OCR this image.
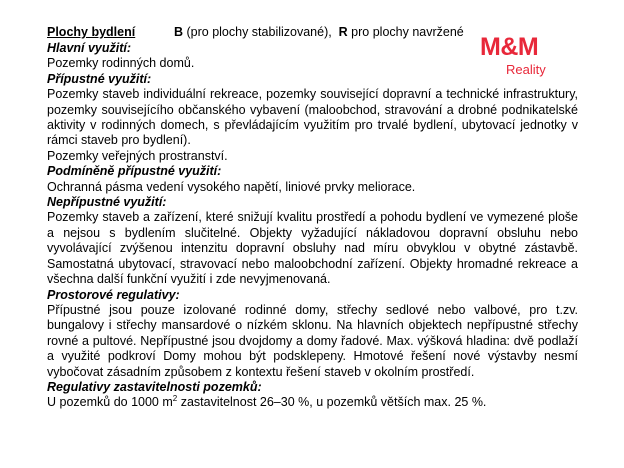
M&M
Reality
Plochy bydlení	B (pro plochy stabilizované), R pro plochy navržené
Hlavní využití:

Pozemky rodinných domů.

Přípustné využití:

Pozemky staveb individuální rekreace, pozemky související dopravní a technické infrastruktury, pozemky souvisejícího občanského vybavení (maloobchod, stravování a drobné podnikatelské aktivity v rodinných domech, s převládajícím využitím pro trvalé bydlení, ubytovací jednotky v rámci staveb pro bydlení).

Pozemky veřejných prostranství.

Podmíněně přípustné využití:

Ochranná pásma vedení vysokého napětí, liniové prvky meliorace.

Nepřípustné využití:

Pozemky staveb a zařízení, které snižují kvalitu prostředí a pohodu bydlení ve vymezené ploše a nejsou s bydlením slučitelné. Objekty vyžadující nákladovou dopravní obsluhu nebo vyvolávající zvýšenou intenzitu dopravní obsluhy nad míru obvyklou v obytné zástavbě. Samostatná ubytovací, stravovací nebo maloobchodní zařízení. Objekty hromadné rekreace a všechna další funkční využití i zde nevyjmenovaná.

Prostorové regulativy:

Přípustné jsou pouze izolované rodinné domy, střechy sedlové nebo valbové, pro t.zv. bungalovy i střechy mansardové o nízkém sklonu. Na hlavních objektech nepřípustné střechy rovné a pultové. Nepřípustné jsou dvojdomy a domy řadové. Max. výšková hladina: dvě podlaží a využité podkroví Domy mohou být podsklepeny. Hmotové řešení nové výstavby nesmí vybočovat zásadním způsobem z kontextu řešení staveb v okolním prostředí.

Regulativy zastavitelnosti pozemků:

U pozemků do 1000 $m^2$ zastavitelnost 26–30 %, u pozemků větších max. 25 %.
